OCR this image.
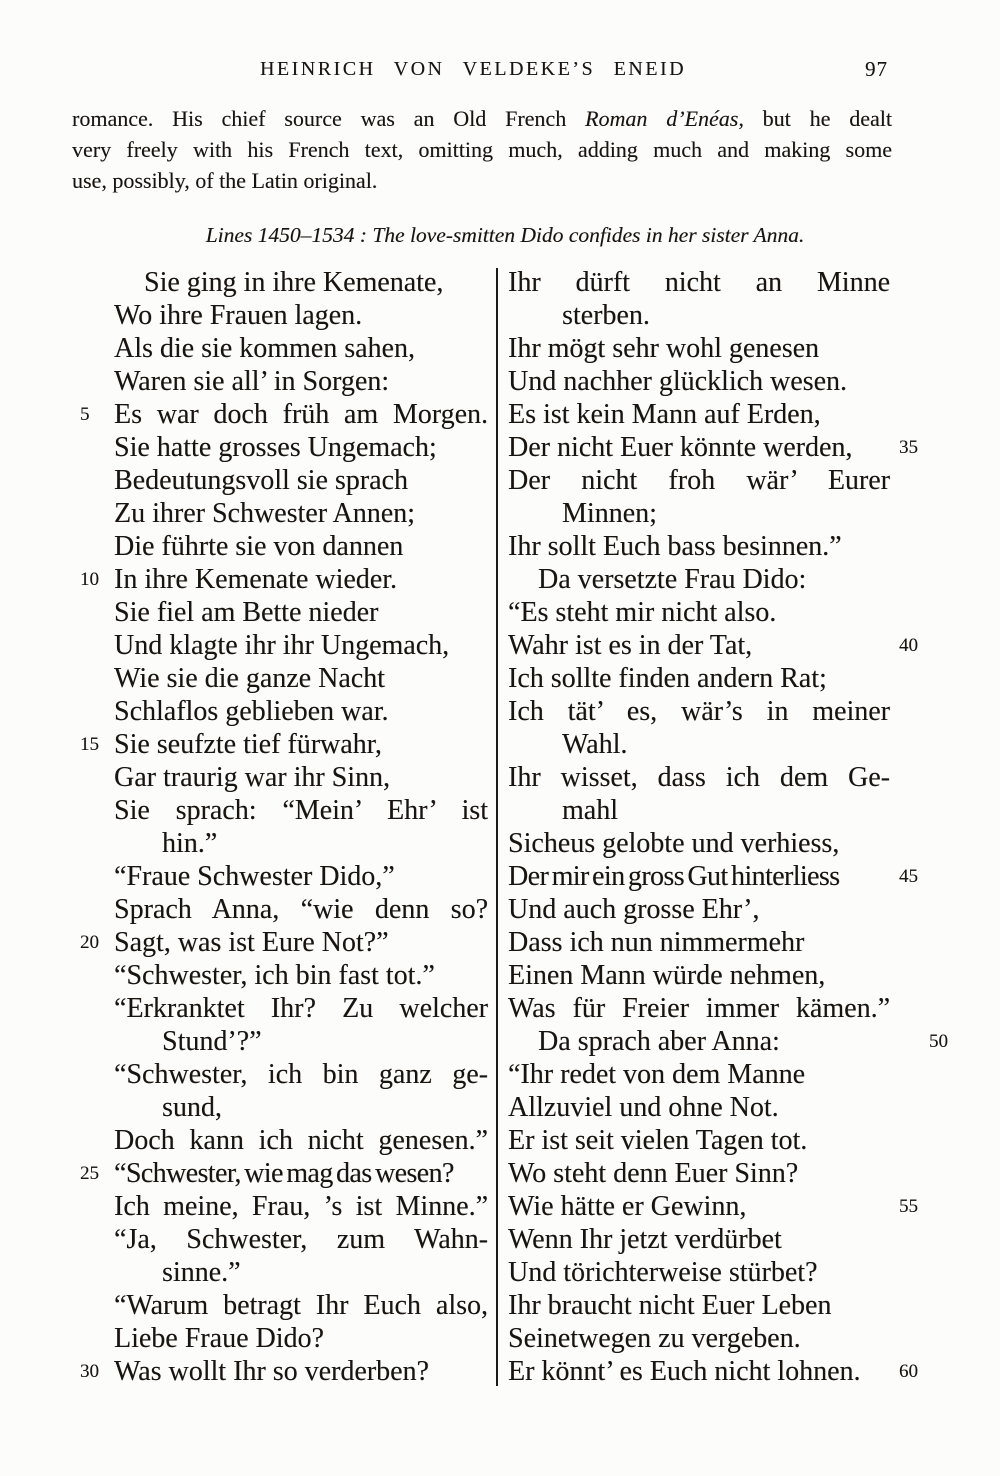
HEINRICH VON VELDEKE’S ENEID	97
romance. His chief source was an Old French Roman d’Enéas, but he dealt
very freely with his French text, omitting much, adding much and making some
use, possibly, of the Latin original.
Lines 1450–1534 : The love-smitten Dido confides in her sister Anna.
Sie ging in ihre Kemenate,
Wo ihre Frauen lagen.
Als die sie kommen sahen,
Waren sie all’ in Sorgen:
5 Es war doch früh am Morgen.
Sie hatte grosses Ungemach;
Bedeutungsvoll sie sprach
Zu ihrer Schwester Annen;
Die führte sie von dannen
10 In ihre Kemenate wieder.
Sie fiel am Bette nieder
Und klagte ihr ihr Ungemach,
Wie sie die ganze Nacht
Schlaflos geblieben war.
15 Sie seufzte tief fürwahr,
Gar traurig war ihr Sinn,
Sie sprach: “Mein’ Ehr’ ist
hin.”
“Fraue Schwester Dido,”
Sprach Anna, “wie denn so?
20 Sagt, was ist Eure Not?”
“Schwester, ich bin fast tot.”
“Erkranktet Ihr? Zu welcher
Stund’?”
“Schwester, ich bin ganz ge-
sund,
Doch kann ich nicht genesen.”
25 “Schwester, wie mag das wesen?
Ich meine, Frau, ’s ist Minne.”
“Ja, Schwester, zum Wahn-
sinne.”
“Warum betragt Ihr Euch also,
Liebe Fraue Dido?
30 Was wollt Ihr so verderben?
Ihr dürft nicht an Minne
sterben.
Ihr mögt sehr wohl genesen
Und nachher glücklich wesen.
Es ist kein Mann auf Erden,
Der nicht Euer könnte werden,	35
Der nicht froh wär’ Eurer
Minnen;
Ihr sollt Euch bass besinnen.”
Da versetzte Frau Dido:
“Es steht mir nicht also.
Wahr ist es in der Tat,	40
Ich sollte finden andern Rat;
Ich tät’ es, wär’s in meiner
Wahl.
Ihr wisset, dass ich dem Ge-
mahl
Sicheus gelobte und verhiess,
Der mir ein gross Gut hinterliess	45
Und auch grosse Ehr’,
Dass ich nun nimmermehr
Einen Mann würde nehmen,
Was für Freier immer kämen.”
Da sprach aber Anna:	50
“Ihr redet von dem Manne
Allzuviel und ohne Not.
Er ist seit vielen Tagen tot.
Wo steht denn Euer Sinn?
Wie hätte er Gewinn,	55
Wenn Ihr jetzt verdürbet
Und törichterweise stürbet?
Ihr braucht nicht Euer Leben
Seinetwegen zu vergeben.
Er könnt’ es Euch nicht lohnen.	60
